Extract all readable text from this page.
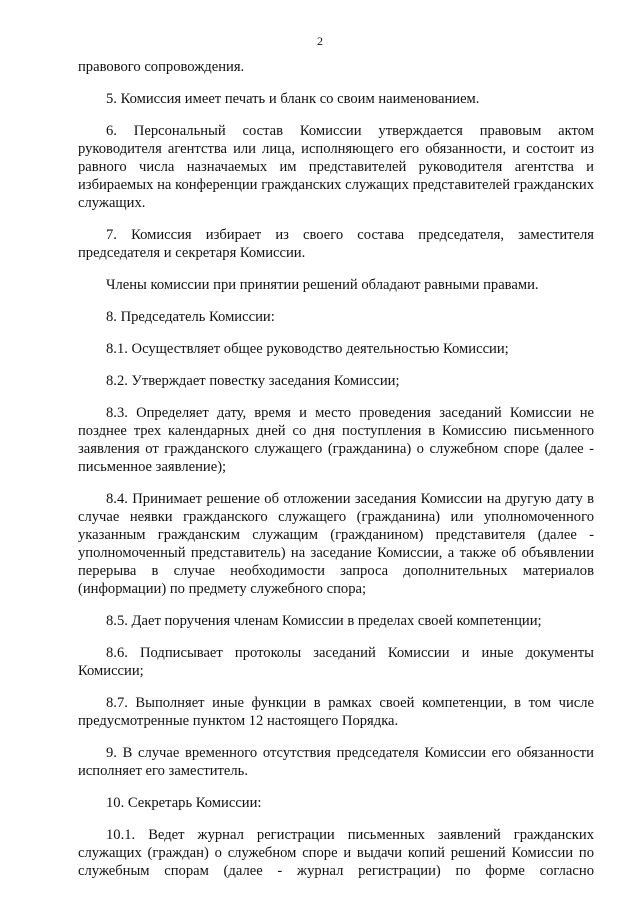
2

правового сопровождения.

5. Комиссия имеет печать и бланк со своим наименованием.

6. Персональный состав Комиссии утверждается правовым актом руководителя агентства или лица, исполняющего его обязанности, и состоит из равного числа назначаемых им представителей руководителя агентства и избираемых на конференции гражданских служащих представителей гражданских служащих.

7. Комиссия избирает из своего состава председателя, заместителя председателя и секретаря Комиссии.

Члены комиссии при принятии решений обладают равными правами.

8. Председатель Комиссии:

8.1. Осуществляет общее руководство деятельностью Комиссии;

8.2. Утверждает повестку заседания Комиссии;

8.3. Определяет дату, время и место проведения заседаний Комиссии не позднее трех календарных дней со дня поступления в Комиссию письменного заявления от гражданского служащего (гражданина) о служебном споре (далее - письменное заявление);

8.4. Принимает решение об отложении заседания Комиссии на другую дату в случае неявки гражданского служащего (гражданина) или уполномоченного указанным гражданским служащим (гражданином) представителя (далее - уполномоченный представитель) на заседание Комиссии, а также об объявлении перерыва в случае необходимости запроса дополнительных материалов (информации) по предмету служебного спора;

8.5. Дает поручения членам Комиссии в пределах своей компетенции;

8.6. Подписывает протоколы заседаний Комиссии и иные документы Комиссии;

8.7. Выполняет иные функции в рамках своей компетенции, в том числе предусмотренные пунктом 12 настоящего Порядка.

9. В случае временного отсутствия председателя Комиссии его обязанности исполняет его заместитель.

10. Секретарь Комиссии:

10.1. Ведет журнал регистрации письменных заявлений гражданских служащих (граждан) о служебном споре и выдачи копий решений Комиссии по служебным спорам (далее - журнал регистрации) по форме согласно
